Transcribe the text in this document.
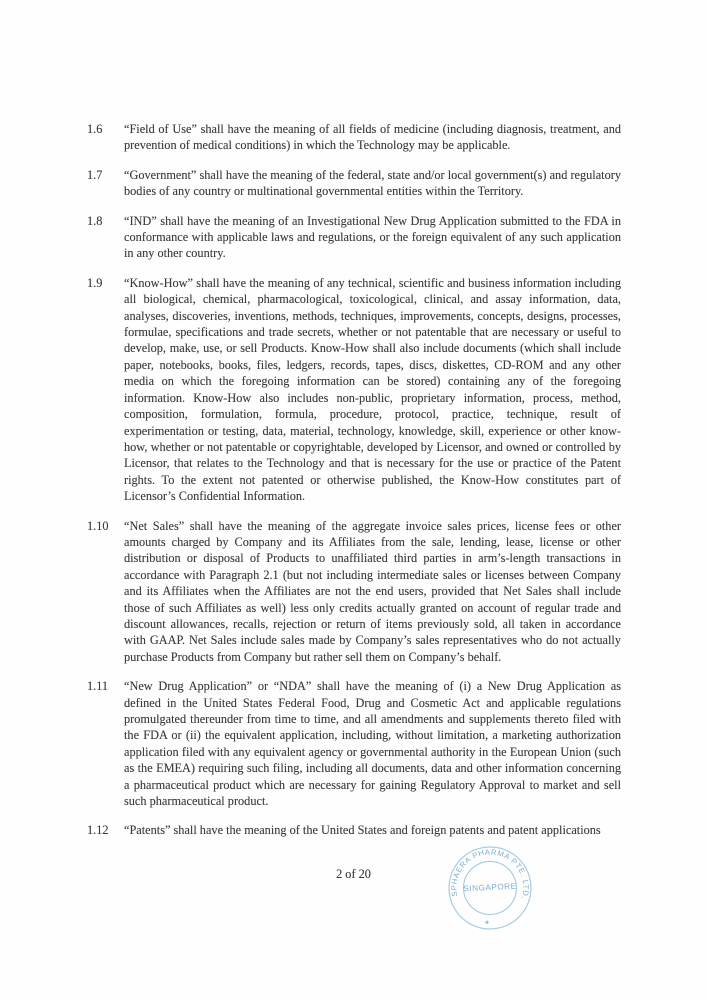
1.6	“Field of Use” shall have the meaning of all fields of medicine (including diagnosis, treatment, and prevention of medical conditions) in which the Technology may be applicable.
1.7	“Government” shall have the meaning of the federal, state and/or local government(s) and regulatory bodies of any country or multinational governmental entities within the Territory.
1.8	“IND” shall have the meaning of an Investigational New Drug Application submitted to the FDA in conformance with applicable laws and regulations, or the foreign equivalent of any such application in any other country.
1.9	“Know-How” shall have the meaning of any technical, scientific and business information including all biological, chemical, pharmacological, toxicological, clinical, and assay information, data, analyses, discoveries, inventions, methods, techniques, improvements, concepts, designs, processes, formulae, specifications and trade secrets, whether or not patentable that are necessary or useful to develop, make, use, or sell Products. Know-How shall also include documents (which shall include paper, notebooks, books, files, ledgers, records, tapes, discs, diskettes, CD-ROM and any other media on which the foregoing information can be stored) containing any of the foregoing information. Know-How also includes non-public, proprietary information, process, method, composition, formulation, formula, procedure, protocol, practice, technique, result of experimentation or testing, data, material, technology, knowledge, skill, experience or other know-how, whether or not patentable or copyrightable, developed by Licensor, and owned or controlled by Licensor, that relates to the Technology and that is necessary for the use or practice of the Patent rights. To the extent not patented or otherwise published, the Know-How constitutes part of Licensor’s Confidential Information.
1.10	“Net Sales” shall have the meaning of the aggregate invoice sales prices, license fees or other amounts charged by Company and its Affiliates from the sale, lending, lease, license or other distribution or disposal of Products to unaffiliated third parties in arm’s-length transactions in accordance with Paragraph 2.1 (but not including intermediate sales or licenses between Company and its Affiliates when the Affiliates are not the end users, provided that Net Sales shall include those of such Affiliates as well) less only credits actually granted on account of regular trade and discount allowances, recalls, rejection or return of items previously sold, all taken in accordance with GAAP. Net Sales include sales made by Company’s sales representatives who do not actually purchase Products from Company but rather sell them on Company’s behalf.
1.11	“New Drug Application” or “NDA” shall have the meaning of (i) a New Drug Application as defined in the United States Federal Food, Drug and Cosmetic Act and applicable regulations promulgated thereunder from time to time, and all amendments and supplements thereto filed with the FDA or (ii) the equivalent application, including, without limitation, a marketing authorization application filed with any equivalent agency or governmental authority in the European Union (such as the EMEA) requiring such filing, including all documents, data and other information concerning a pharmaceutical product which are necessary for gaining Regulatory Approval to market and sell such pharmaceutical product.
1.12	“Patents” shall have the meaning of the United States and foreign patents and patent applications
2 of 20
SPHAERA PHARMA PTE. LTD.
★
SINGAPORE
